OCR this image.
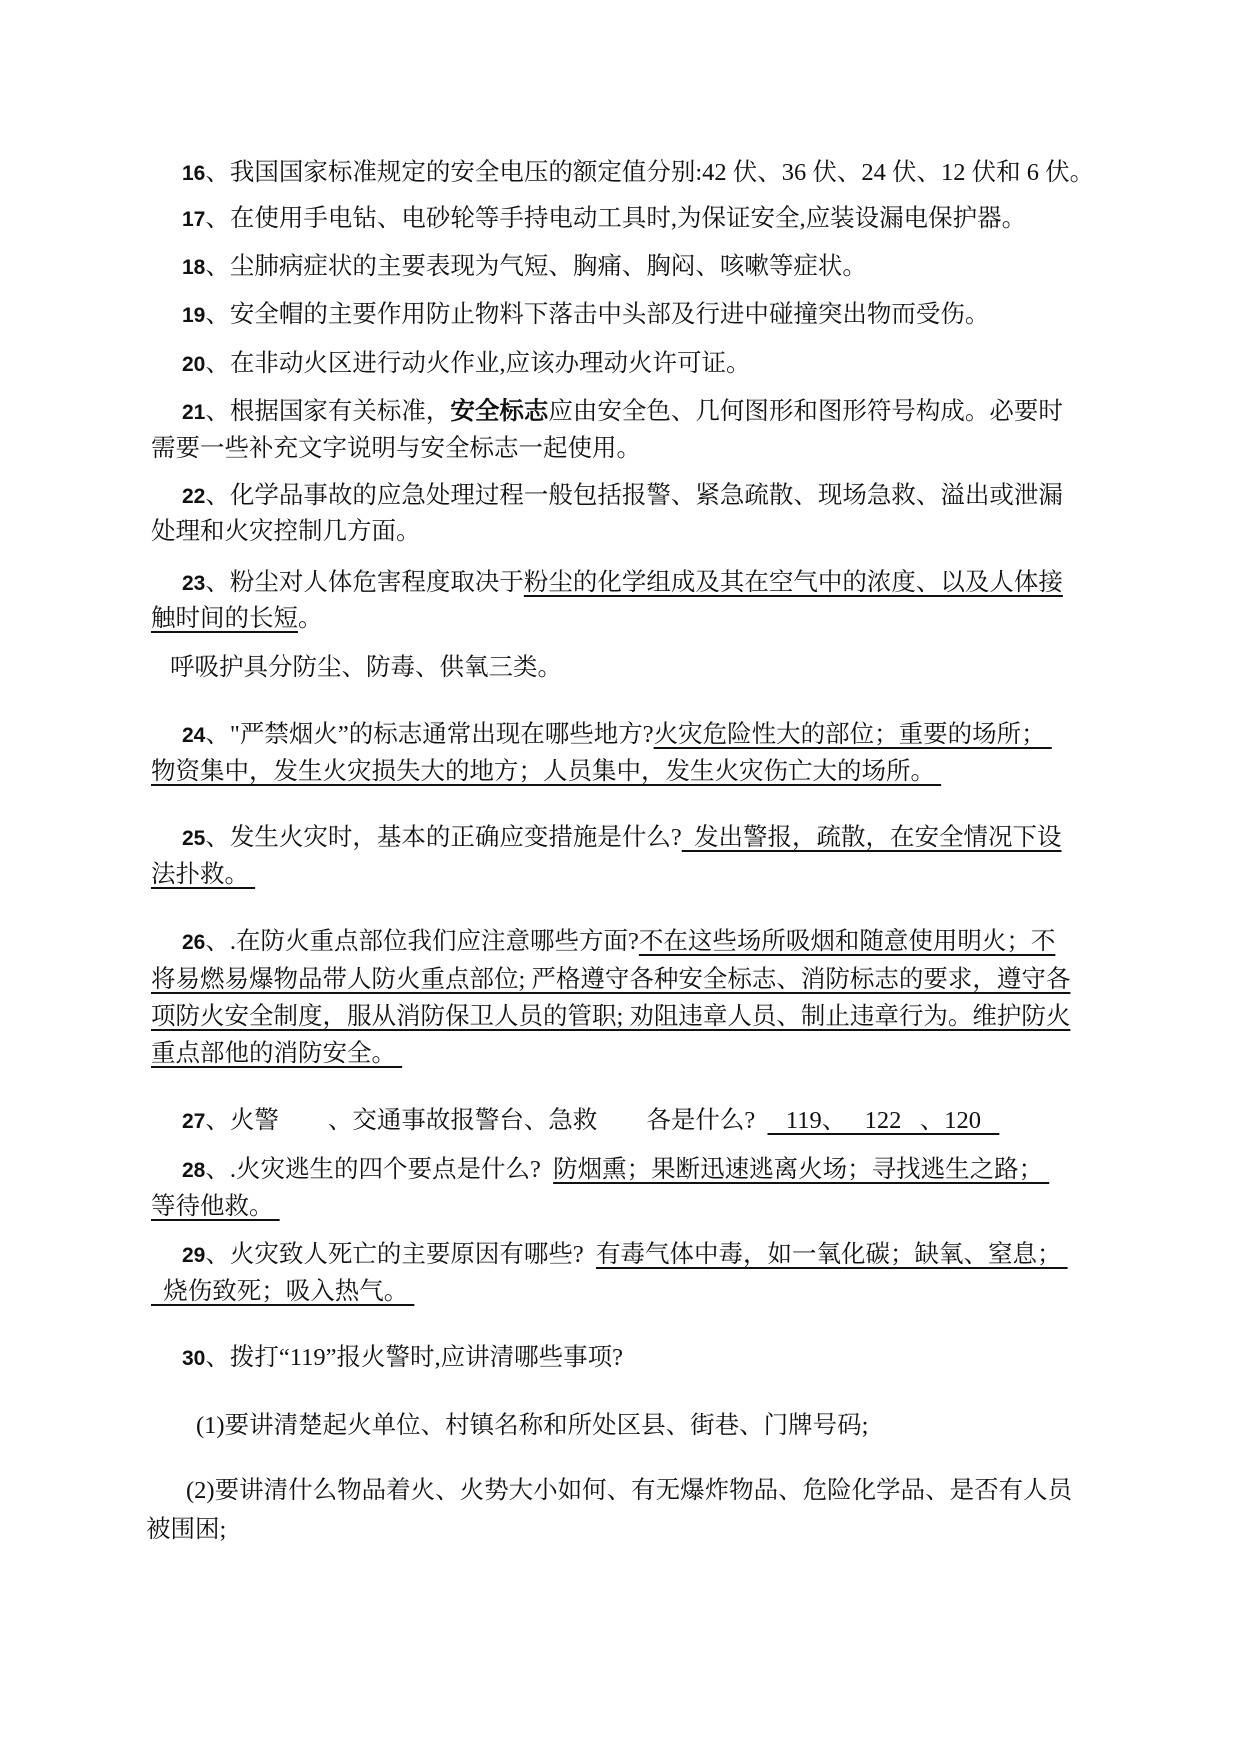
16、我国国家标准规定的安全电压的额定值分别:42 伏、36 伏、24 伏、12 伏和 6 伏。
17、在使用手电钻、电砂轮等手持电动工具时,为保证安全,应装设漏电保护器。
18、尘肺病症状的主要表现为气短、胸痛、胸闷、咳嗽等症状。
19、安全帽的主要作用防止物料下落击中头部及行进中碰撞突出物而受伤。
20、在非动火区进行动火作业,应该办理动火许可证。
21、根据国家有关标准，安全标志应由安全色、几何图形和图形符号构成。必要时
需要一些补充文字说明与安全标志一起使用。
22、化学品事故的应急处理过程一般包括报警、紧急疏散、现场急救、溢出或泄漏
处理和火灾控制几方面。
23、粉尘对人体危害程度取决于粉尘的化学组成及其在空气中的浓度、以及人体接
触时间的长短。
呼吸护具分防尘、防毒、供氧三类。
24、"严禁烟火”的标志通常出现在哪些地方?火灾危险性大的部位；重要的场所；
物资集中，发生火灾损失大的地方；人员集中，发生火灾伤亡大的场所。
25、发生火灾时，基本的正确应变措施是什么?  发出警报，疏散，在安全情况下设
法扑救。
26、.在防火重点部位我们应注意哪些方面?不在这些场所吸烟和随意使用明火；不
将易燃易爆物品带人防火重点部位; 严格遵守各种安全标志、消防标志的要求，遵守各
项防火安全制度，服从消防保卫人员的管职; 劝阻违章人员、制止违章行为。维护防火
重点部他的消防安全。
27、火警　　、交通事故报警台、急救　　各是什么?     119、   122   、120
28、.火灾逃生的四个要点是什么?  防烟熏；果断迅速逃离火场；寻找逃生之路；
等待他救。
29、火灾致人死亡的主要原因有哪些?  有毒气体中毒，如一氧化碳；缺氧、窒息；
烧伤致死；吸入热气。
30、拨打“119”报火警时,应讲清哪些事项?
(1)要讲清楚起火单位、村镇名称和所处区县、街巷、门牌号码;
(2)要讲清什么物品着火、火势大小如何、有无爆炸物品、危险化学品、是否有人员
被围困;
